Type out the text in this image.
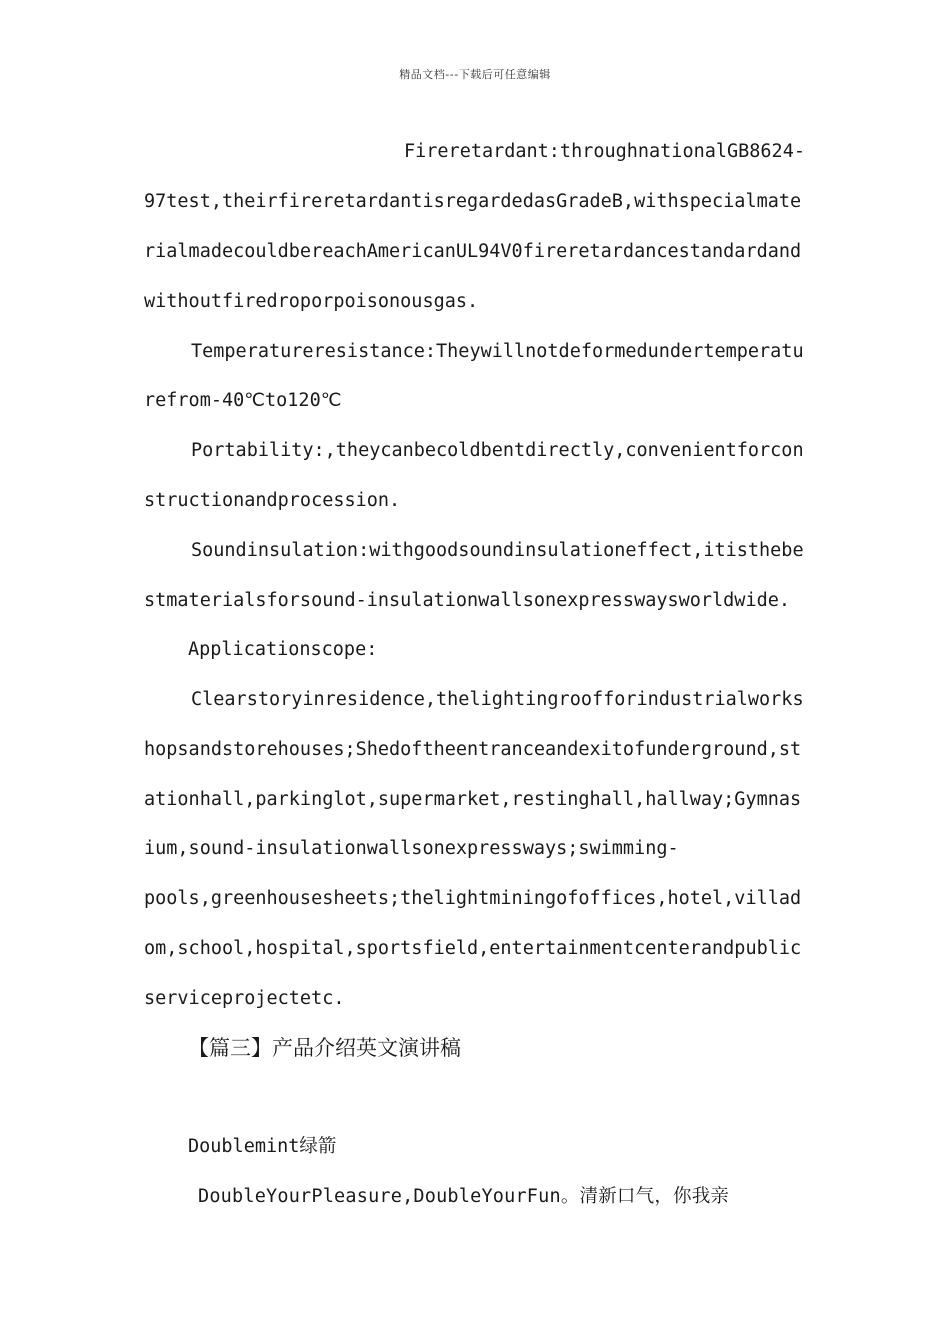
精品文档---下载后可任意编辑
Fireretardant:throughnationalGB8624-
97test,theirfireretardantisregardedasGradeB,withspecialmate
rialmadecouldbereachAmericanUL94V0fireretardancestandardand
withoutfiredroporpoisonousgas.
Temperatureresistance:Theywillnotdeformedundertemperatu
refrom-40℃to120℃
Portability:,theycanbecoldbentdirectly,convenientforcon
structionandprocession.
Soundinsulation:withgoodsoundinsulationeffect,itisthebe
stmaterialsforsound-insulationwallsonexpresswaysworldwide.
Applicationscope:
Clearstoryinresidence,thelightingroofforindustrialworks
hopsandstorehouses;Shedoftheentranceandexitofunderground,st
ationhall,parkinglot,supermarket,restinghall,hallway;Gymnas
ium,sound-insulationwallsonexpressways;swimming-
pools,greenhousesheets;thelightminingofoffices,hotel,villad
om,school,hospital,sportsfield,entertainmentcenterandpublic
serviceprojectetc.
【篇三】产品介绍英文演讲稿
Doublemint绿箭
DoubleYourPleasure,DoubleYourFun。清新口气，你我亲
